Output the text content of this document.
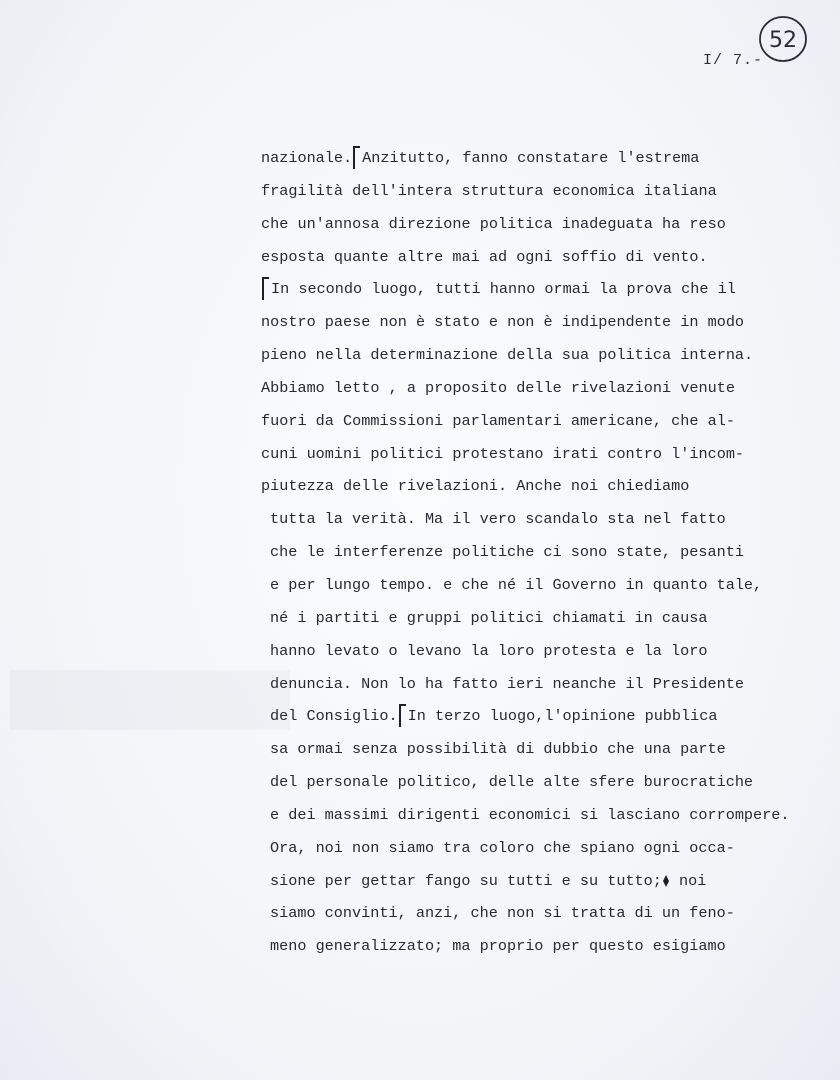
52
I/ 7.-
nazionale. Anzitutto, fanno constatare l'estrema
fragilità dell'intera struttura economica italiana
che un'annosa direzione politica inadeguata ha reso
esposta quante altre mai ad ogni soffio di vento.
In secondo luogo, tutti hanno ormai la prova che il
nostro paese non è stato e non è indipendente in modo
pieno nella determinazione della sua politica interna.
Abbiamo letto , a proposito delle rivelazioni venute
fuori da Commissioni parlamentari americane, che al-
cuni uomini politici protestano irati contro l'incom-
piutezza delle rivelazioni. Anche noi chiediamo
tutta la verità. Ma il vero scandalo sta nel fatto
che le interferenze politiche ci sono state, pesanti
e per lungo tempo. e che né il Governo in quanto tale,
né i partiti e gruppi politici chiamati in causa
hanno levato o levano la loro protesta e la loro
denuncia. Non lo ha fatto ieri neanche il Presidente
del Consiglio. In terzo luogo,l'opinione pubblica
sa ormai senza possibilità di dubbio che una parte
del personale politico, delle alte sfere burocratiche
e dei massimi dirigenti economici si lasciano corrompere.
Ora, noi non siamo tra coloro che spiano ogni occa-
sione per gettar fango su tutti e su tutto; noi
siamo convinti, anzi, che non si tratta di un feno-
meno generalizzato; ma proprio per questo esigiamo
